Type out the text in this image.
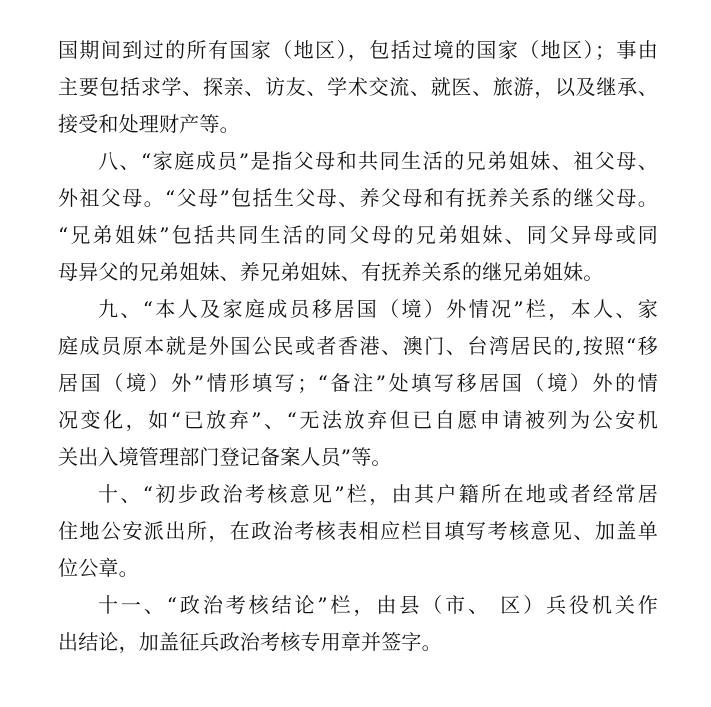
国期间到过的所有国家（地区），包括过境的国家（地区）；事由
主要包括求学、探亲、访友、学术交流、就医、旅游，以及继承、
接受和处理财产等。
八、“家庭成员”是指父母和共同生活的兄弟姐妹、祖父母、
外祖父母。“父母”包括生父母、养父母和有抚养关系的继父母。
“兄弟姐妹”包括共同生活的同父母的兄弟姐妹、同父异母或同
母异父的兄弟姐妹、养兄弟姐妹、有抚养关系的继兄弟姐妹。
九、“本人及家庭成员移居国（境）外情况”栏，本人、家
庭成员原本就是外国公民或者香港、澳门、台湾居民的,按照“移
居国（境）外”情形填写；“备注”处填写移居国（境）外的情
况变化，如“已放弃”、“无法放弃但已自愿申请被列为公安机
关出入境管理部门登记备案人员”等。
十、“初步政治考核意见”栏，由其户籍所在地或者经常居
住地公安派出所，在政治考核表相应栏目填写考核意见、加盖单
位公章。
十一、“政治考核结论”栏，由县（市、 区）兵役机关作
出结论，加盖征兵政治考核专用章并签字。
